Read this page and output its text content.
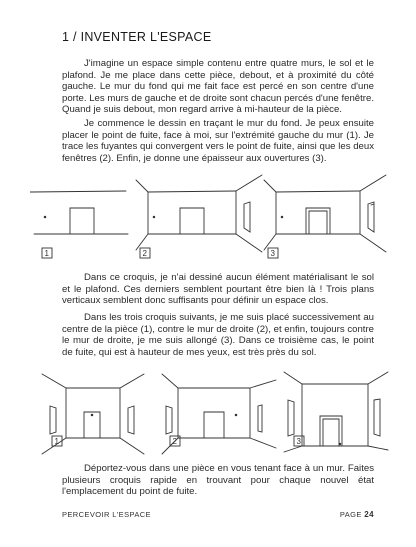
1 / INVENTER L'ESPACE

J'imagine un espace simple contenu entre quatre murs, le sol et le plafond. Je me place dans cette pièce, debout, et à proximité du côté gauche. Le mur du fond qui me fait face est percé en son centre d'une porte. Les murs de gauche et de droite sont chacun percés d'une fenêtre. Quand je suis debout, mon regard arrive à mi-hauteur de la pièce.

Je commence le dessin en traçant le mur du fond. Je peux ensuite placer le point de fuite, face à moi, sur l'extrémité gauche du mur (1). Je trace les fuyantes qui convergent vers le point de fuite, ainsi que les deux fenêtres (2). Enfin, je donne une épaisseur aux ouvertures (3).

1	2	3

Dans ce croquis, je n'ai dessiné aucun élément matérialisant le sol et le plafond. Ces derniers semblent pourtant être bien là ! Trois plans verticaux semblent donc suffisants pour définir un espace clos.

Dans les trois croquis suivants, je me suis placé successivement au centre de la pièce (1), contre le mur de droite (2), et enfin, toujours contre le mur de droite, je me suis allongé (3). Dans ce troisième cas, le point de fuite, qui est à hauteur de mes yeux, est très près du sol.

1	2	3

Déportez-vous dans une pièce en vous tenant face à un mur. Faites plusieurs croquis rapide en trouvant pour chaque nouvel état l'emplacement du point de fuite.

PERCEVOIR L'ESPACE	PAGE 24
